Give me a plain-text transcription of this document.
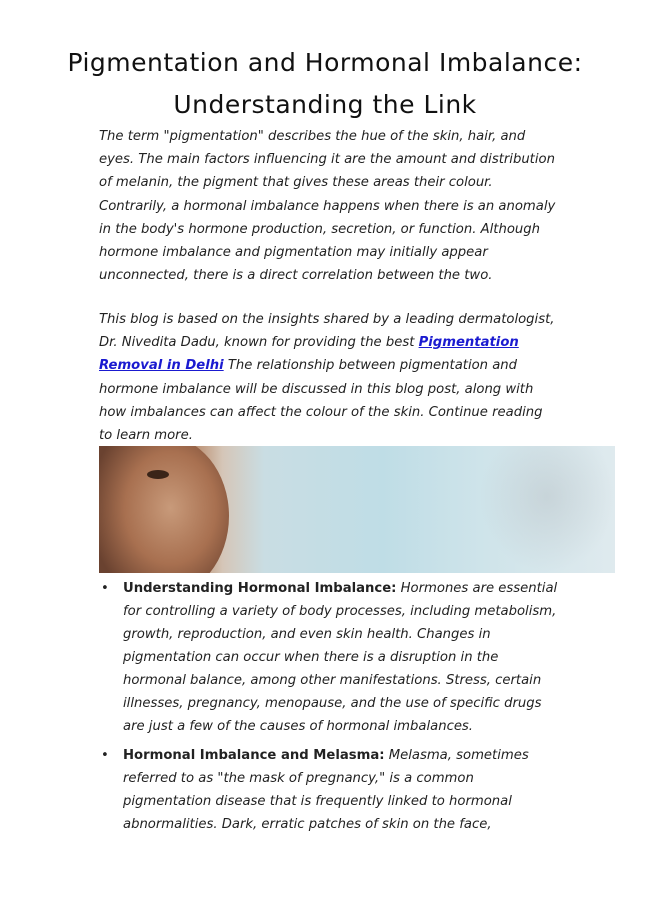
Pigmentation and Hormonal Imbalance: Understanding the Link

The term "pigmentation" describes the hue of the skin, hair, and eyes. The main factors influencing it are the amount and distribution of melanin, the pigment that gives these areas their colour. Contrarily, a hormonal imbalance happens when there is an anomaly in the body's hormone production, secretion, or function. Although hormone imbalance and pigmentation may initially appear unconnected, there is a direct correlation between the two.

This blog is based on the insights shared by a leading dermatologist, Dr. Nivedita Dadu, known for providing the best Pigmentation Removal in Delhi The relationship between pigmentation and hormone imbalance will be discussed in this blog post, along with how imbalances can affect the colour of the skin. Continue reading to learn more.

• Understanding Hormonal Imbalance: Hormones are essential for controlling a variety of body processes, including metabolism, growth, reproduction, and even skin health. Changes in pigmentation can occur when there is a disruption in the hormonal balance, among other manifestations. Stress, certain illnesses, pregnancy, menopause, and the use of specific drugs are just a few of the causes of hormonal imbalances.
• Hormonal Imbalance and Melasma: Melasma, sometimes referred to as "the mask of pregnancy," is a common pigmentation disease that is frequently linked to hormonal abnormalities. Dark, erratic patches of skin on the face,
